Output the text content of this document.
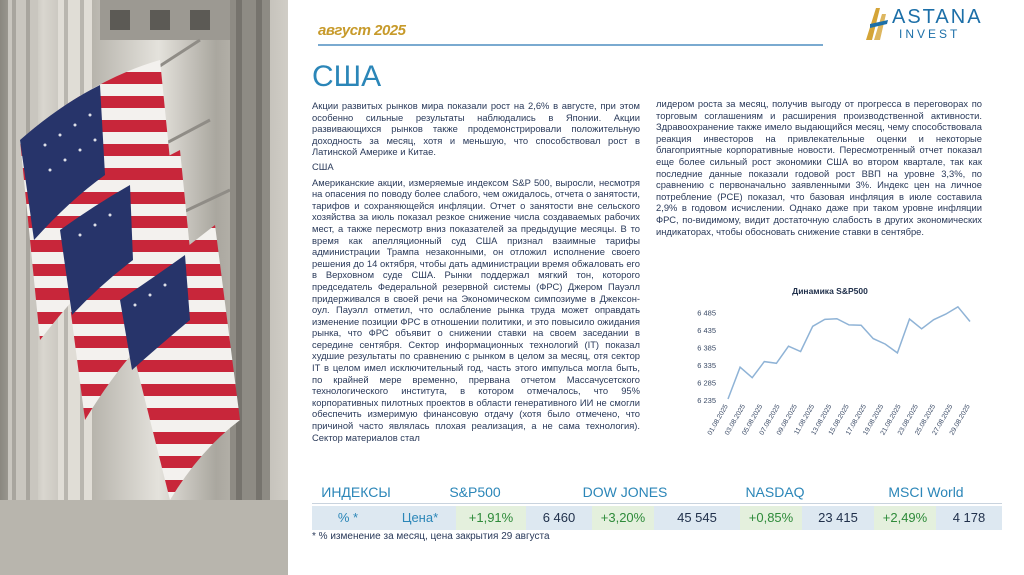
август 2025
ASTANA
INVEST
США

Акции развитых рынков мира показали рост на 2,6% в августе, при этом особенно сильные результаты наблюдались в Японии. Акции развивающихся рынков также продемонстрировали положительную доходность за месяц, хотя и меньшую, что способствовал рост в Латинской Америке и Китае.

США

Американские акции, измеряемые индексом S&P 500, выросли, несмотря на опасения по поводу более слабого, чем ожидалось, отчета о занятости, тарифов и сохраняющейся инфляции. Отчет о занятости вне сельского хозяйства за июль показал резкое снижение числа создаваемых рабочих мест, а также пересмотр вниз показателей за предыдущие месяцы. В то время как апелляционный суд США признал взаимные тарифы администрации Трампа незаконными, он отложил исполнение своего решения до 14 октября, чтобы дать администрации время обжаловать его в Верховном суде США. Рынки поддержал мягкий тон, которого председатель Федеральной резервной системы (ФРС) Джером Пауэлл придерживался в своей речи на Экономическом симпозиуме в Джексон- оул. Пауэлл отметил, что ослабление рынка труда может оправдать изменение позиции ФРС в отношении политики, и это повысило ожидания рынка, что ФРС объявит о снижении ставки на своем заседании в середине сентября. Сектор информационных технологий (IT) показал худшие результаты по сравнению с рынком в целом за месяц, отя сектор IT в целом имел исключительный год, часть этого импульса могла быть, по крайней мере временно, прервана отчетом Массачусетского технологического института, в котором отмечалось, что 95% корпоративных пилотных проектов в области генеративного ИИ не смогли обеспечить измеримую финансовую отдачу (хотя было отмечено, что причиной часто являлась плохая реализация, а не сама технология). Сектор материалов стал

лидером роста за месяц, получив выгоду от прогресса в переговорах по торговым соглашениям и расширения производственной активности. Здравоохранение также имело выдающийся месяц, чему способствовала реакция инвесторов на привлекательные оценки и некоторые благоприятные корпоративные новости. Пересмотренный отчет показал еще более сильный рост экономики США во втором квартале, так как последние данные показали годовой рост ВВП на уровне 3,3%, по сравнению с первоначально заявленными 3%. Индекс цен на личное потребление (PCE) показал, что базовая инфляция в июле составила 2,9% в годовом исчислении. Однако даже при таком уровне инфляции ФРС, по-видимому, видит достаточную слабость в других экономических индикаторах, чтобы обосновать снижение ставки в сентябре.

Динамика S&P500
6 235
6 285
6 335
6 385
6 435
6 485
01.08.2025
03.08.2025
05.08.2025
07.08.2025
09.08.2025
11.08.2025
13.08.2025
15.08.2025
17.08.2025
19.08.2025
21.08.2025
23.08.2025
25.08.2025
27.08.2025
29.08.2025
ИНДЕКСЫ	S&P500	DOW JONES	NASDAQ	MSCI World
% *	Цена*	+1,91%	6 460	+3,20%	45 545	+0,85%	23 415	+2,49%	4 178
* % изменение за месяц, цена закрытия 29 августа
